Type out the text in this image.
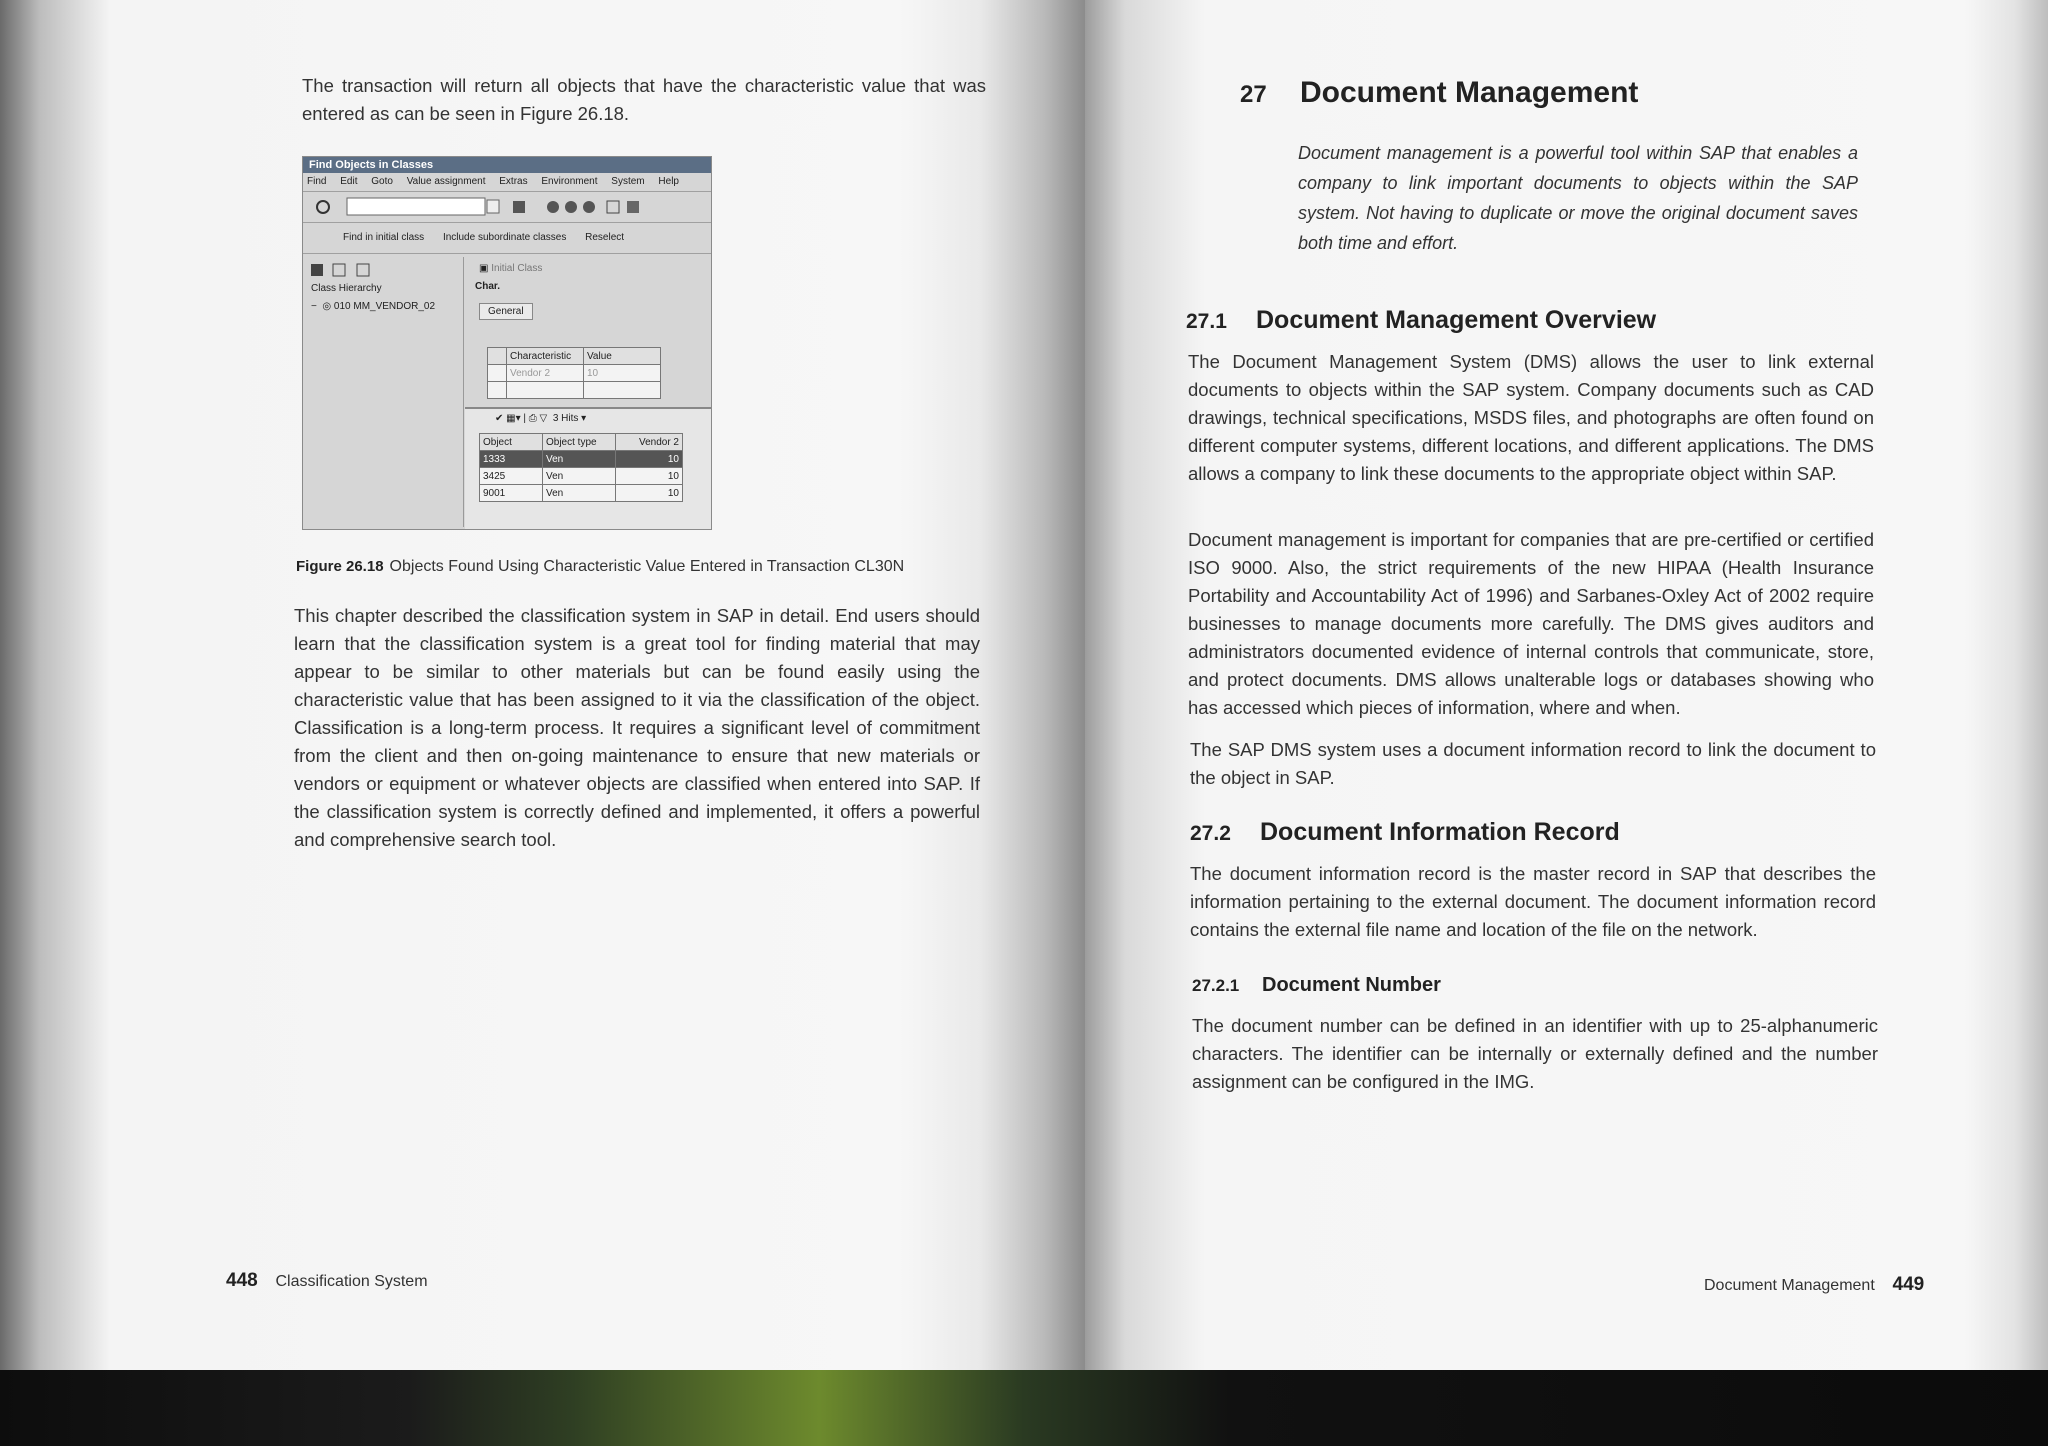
The transaction will return all objects that have the characteristic value that was entered as can be seen in Figure 26.18.
Find Objects in Classes
Find Edit Goto Value assignment Extras Environment System Help
Find in initial class Include subordinate classes Reselect
Class Hierarchy
−  ◎ 010 MM_VENDOR_02
▣ Initial Class
Char.
General
	Characteristic	Value
	Vendor 2	10

✔ ▦▾ | ⎙ ▽  3 Hits ▾
Object	Object type	Vendor 2
1333	Ven	10
3425	Ven	10
9001	Ven	10
Figure 26.18 Objects Found Using Characteristic Value Entered in Transaction CL30N
This chapter described the classification system in SAP in detail. End users should learn that the classification system is a great tool for finding material that may appear to be similar to other materials but can be found easily using the characteristic value that has been assigned to it via the classification of the object. Classification is a long-term process. It requires a significant level of commitment from the client and then on-going maintenance to ensure that new materials or vendors or equipment or whatever objects are classified when entered into SAP. If the classification system is correctly defined and implemented, it offers a powerful and comprehensive search tool.
448 Classification System
27 Document Management
Document management is a powerful tool within SAP that enables a company to link important documents to objects within the SAP system. Not having to duplicate or move the original document saves both time and effort.
27.1 Document Management Overview
The Document Management System (DMS) allows the user to link external documents to objects within the SAP system. Company documents such as CAD drawings, technical specifications, MSDS files, and photographs are often found on different computer systems, different locations, and different applications. The DMS allows a company to link these documents to the appropriate object within SAP.
Document management is important for companies that are pre-certified or certified ISO 9000. Also, the strict requirements of the new HIPAA (Health Insurance Portability and Accountability Act of 1996) and Sarbanes-Oxley Act of 2002 require businesses to manage documents more carefully. The DMS gives auditors and administrators documented evidence of internal controls that communicate, store, and protect documents. DMS allows unalterable logs or databases showing who has accessed which pieces of information, where and when.
The SAP DMS system uses a document information record to link the document to the object in SAP.
27.2 Document Information Record
The document information record is the master record in SAP that describes the information pertaining to the external document. The document information record contains the external file name and location of the file on the network.
27.2.1 Document Number
The document number can be defined in an identifier with up to 25-alphanumeric characters. The identifier can be internally or externally defined and the number assignment can be configured in the IMG.
Document Management 449
